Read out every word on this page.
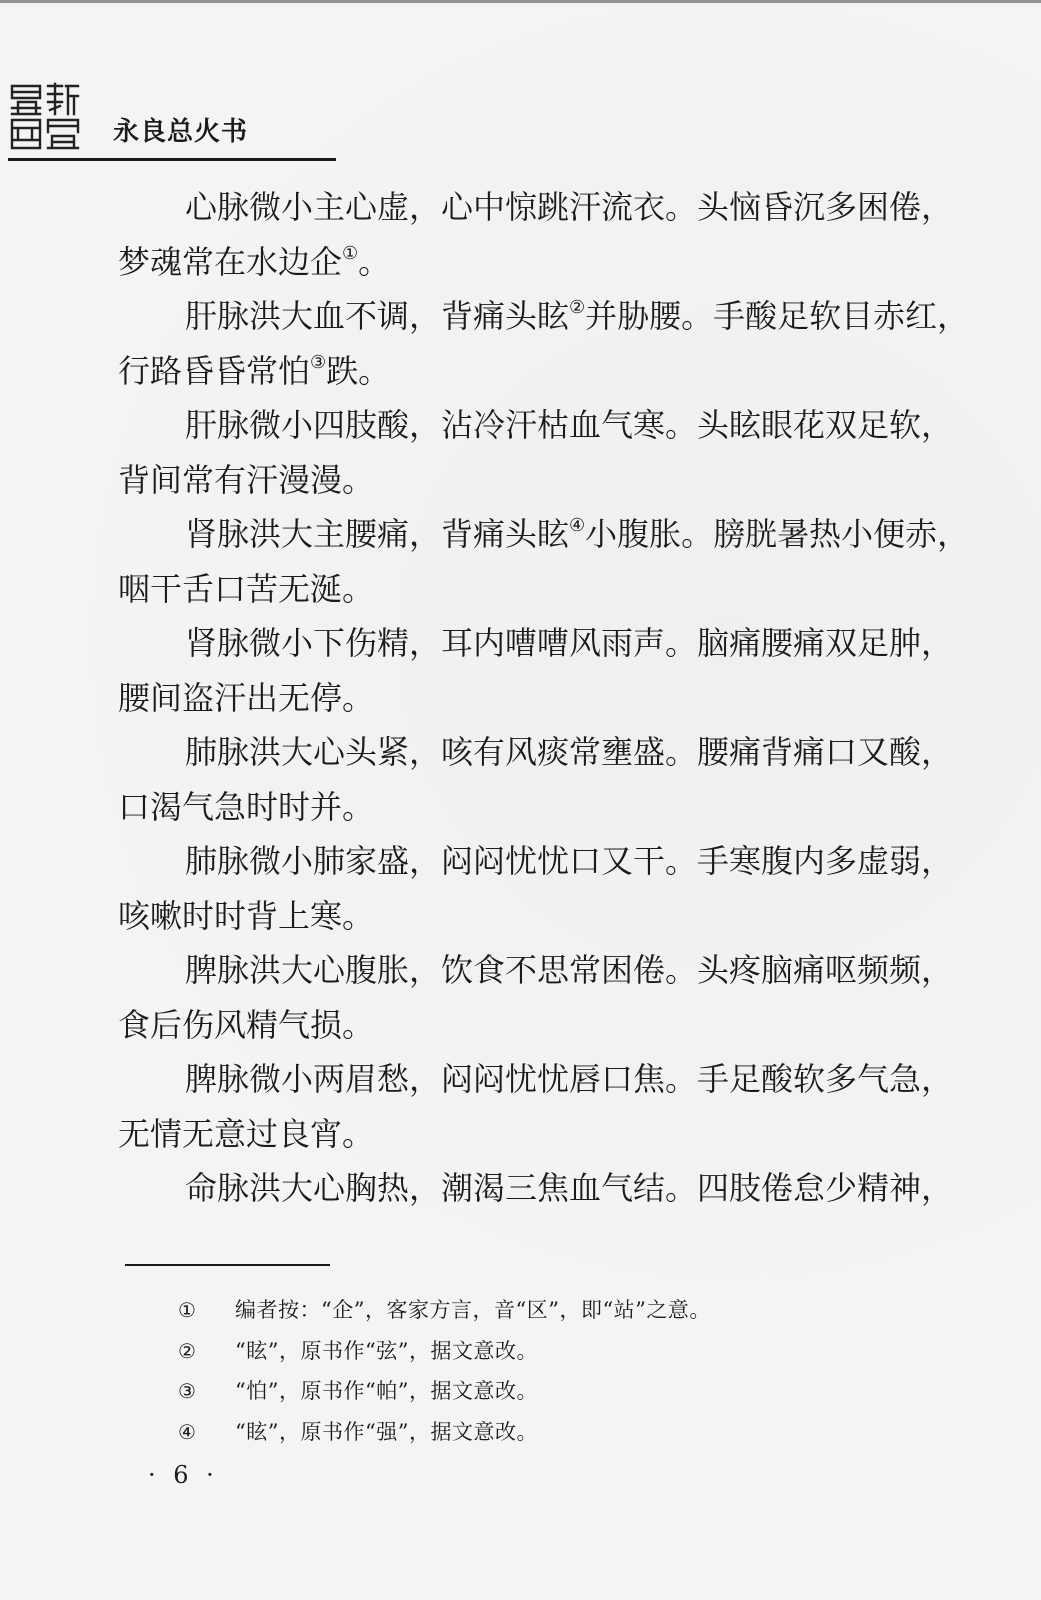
永良总火书
心脉微小主心虚，心中惊跳汗流衣。头恼昏沉多困倦，
梦魂常在水边企①。
肝脉洪大血不调，背痛头眩②并胁腰。手酸足软目赤红，
行路昏昏常怕③跌。
肝脉微小四肢酸，沾冷汗枯血气寒。头眩眼花双足软，
背间常有汗漫漫。
肾脉洪大主腰痛，背痛头眩④小腹胀。膀胱暑热小便赤，
咽干舌口苦无涎。
肾脉微小下伤精，耳内嘈嘈风雨声。脑痛腰痛双足肿，
腰间盗汗出无停。
肺脉洪大心头紧，咳有风痰常壅盛。腰痛背痛口又酸，
口渴气急时时并。
肺脉微小肺家盛，闷闷忧忧口又干。手寒腹内多虚弱，
咳嗽时时背上寒。
脾脉洪大心腹胀，饮食不思常困倦。头疼脑痛呕频频，
食后伤风精气损。
脾脉微小两眉愁，闷闷忧忧唇口焦。手足酸软多气急，
无情无意过良宵。
命脉洪大心胸热，潮渴三焦血气结。四肢倦怠少精神，
① 编者按：“企”，客家方言，音“区”，即“站”之意。
② “眩”，原书作“弦”，据文意改。
③ “怕”，原书作“帕”，据文意改。
④ “眩”，原书作“强”，据文意改。
· 6 ·
